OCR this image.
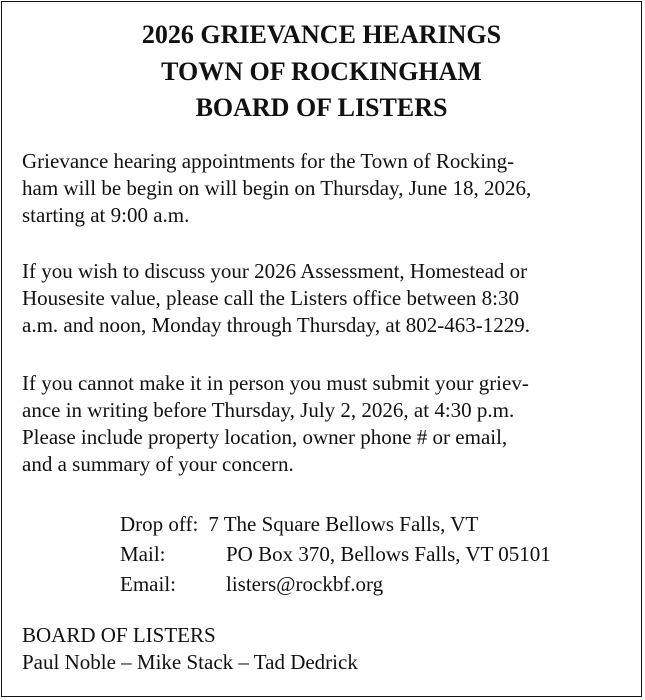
2026 GRIEVANCE HEARINGS
TOWN OF ROCKINGHAM
BOARD OF LISTERS
Grievance hearing appointments for the Town of Rocking-
ham will be begin on will begin on Thursday, June 18, 2026,
starting at 9:00 a.m.
If you wish to discuss your 2026 Assessment, Homestead or
Housesite value, please call the Listers office between 8:30
a.m. and noon, Monday through Thursday, at 802-463-1229.
If you cannot make it in person you must submit your griev-
ance in writing before Thursday, July 2, 2026, at 4:30 p.m.
Please include property location, owner phone # or email,
and a summary of your concern.
Drop off: 7 The Square Bellows Falls, VT
Mail:	PO Box 370, Bellows Falls, VT 05101
Email: listers@rockbf.org
BOARD OF LISTERS
Paul Noble – Mike Stack – Tad Dedrick
